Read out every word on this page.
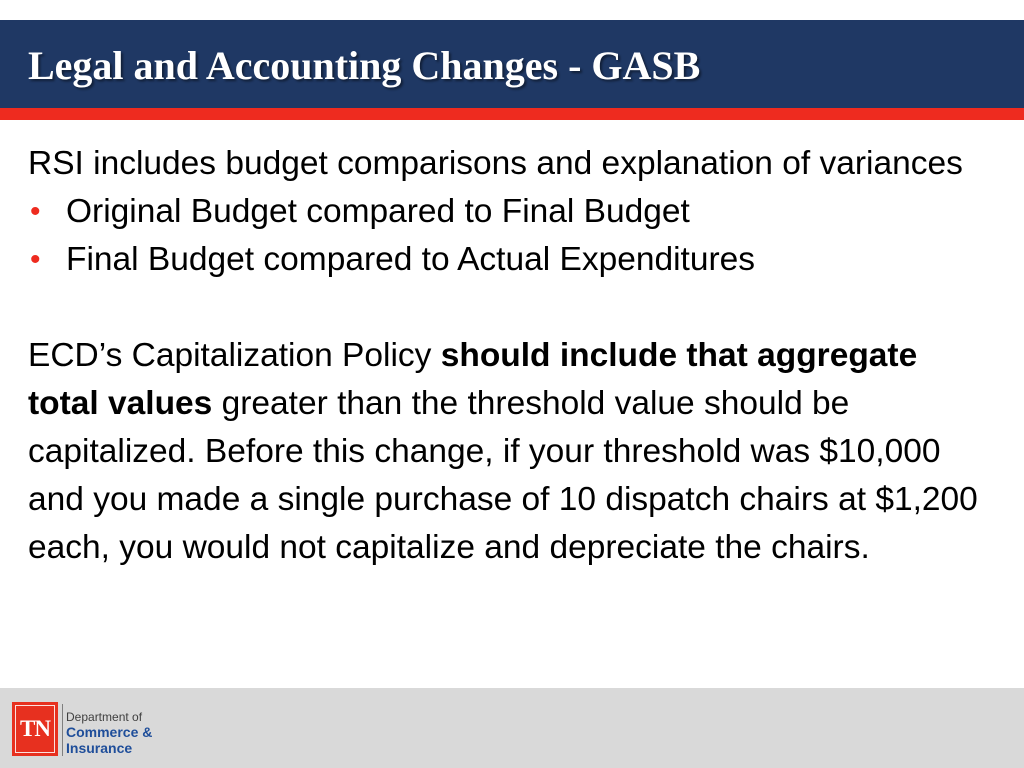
Legal and Accounting Changes - GASB

RSI includes budget comparisons and explanation of variances

• Original Budget compared to Final Budget
• Final Budget compared to Actual Expenditures

ECD’s Capitalization Policy should include that aggregate total values greater than the threshold value should be capitalized. Before this change, if your threshold was $10,000 and you made a single purchase of 10 dispatch chairs at $1,200 each, you would not capitalize and depreciate the chairs.

TN	Department of
Commerce &
Insurance
